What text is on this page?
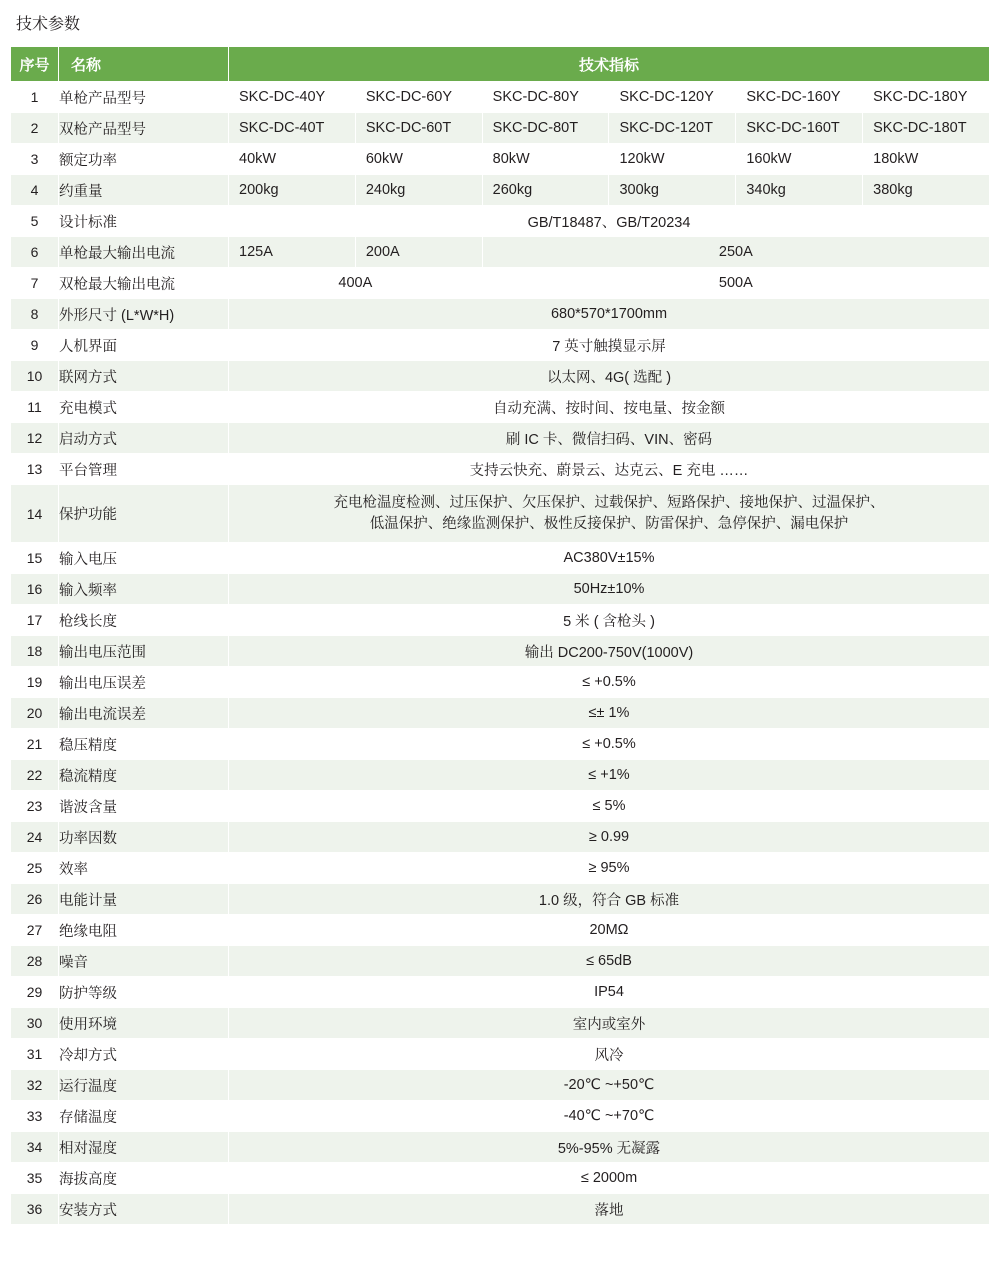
技术参数
序号	名称	技术指标					
1	单枪产品型号	SKC-DC-40Y	SKC-DC-60Y	SKC-DC-80Y	SKC-DC-120Y	SKC-DC-160Y	SKC-DC-180Y
2	双枪产品型号	SKC-DC-40T	SKC-DC-60T	SKC-DC-80T	SKC-DC-120T	SKC-DC-160T	SKC-DC-180T
3	额定功率	40kW	60kW	80kW	120kW	160kW	180kW
4	约重量	200kg	240kg	260kg	300kg	340kg	380kg
5	设计标准	GB/T18487、GB/T20234					
6	单枪最大输出电流	125A	200A	250A			
7	双枪最大输出电流	400A		500A			
8	外形尺寸 (L*W*H)	680*570*1700mm					
9	人机界面	7 英寸触摸显示屏					
10	联网方式	以太网、4G( 选配 )					
11	充电模式	自动充满、按时间、按电量、按金额					
12	启动方式	刷 IC 卡、微信扫码、VIN、密码					
13	平台管理	支持云快充、蔚景云、达克云、E 充电 ……					
14	保护功能	充电枪温度检测、过压保护、欠压保护、过载保护、短路保护、接地保护、过温保护、
低温保护、绝缘监测保护、极性反接保护、防雷保护、急停保护、漏电保护					

15	输入电压	AC380V±15%					
16	输入频率	50Hz±10%					
17	枪线长度	5 米 ( 含枪头 )					
18	输出电压范围	输出 DC200-750V(1000V)					
19	输出电压误差	≤ +0.5%					
20	输出电流误差	≤± 1%					
21	稳压精度	≤ +0.5%					
22	稳流精度	≤ +1%					
23	谐波含量	≤ 5%					
24	功率因数	≥ 0.99					
25	效率	≥ 95%					
26	电能计量	1.0 级，符合 GB 标准					
27	绝缘电阻	20MΩ					
28	噪音	≤ 65dB					
29	防护等级	IP54					
30	使用环境	室内或室外					
31	冷却方式	风冷					
32	运行温度	-20℃ ~+50℃					
33	存储温度	-40℃ ~+70℃					
34	相对湿度	5%-95% 无凝露					
35	海拔高度	≤ 2000m					
36	安装方式	落地					
